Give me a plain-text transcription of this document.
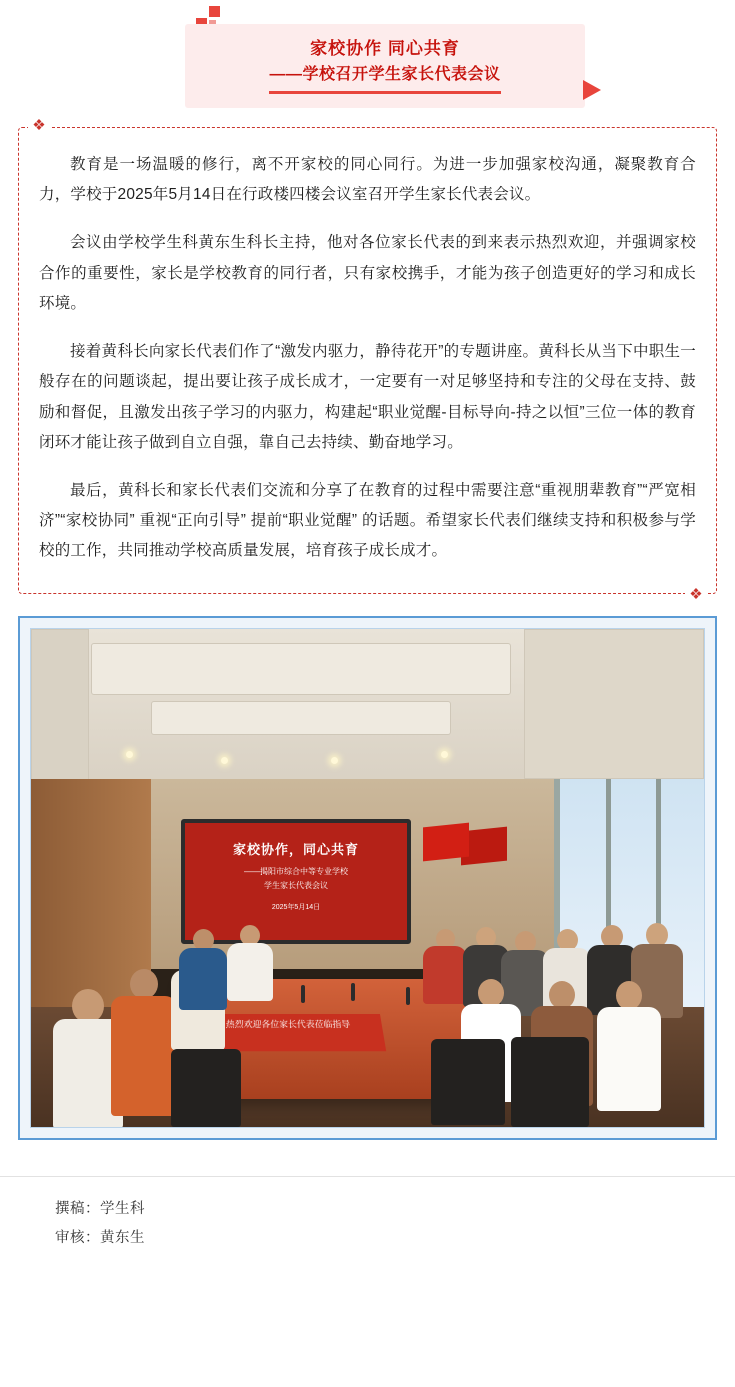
家校协作 同心共育
——学校召开学生家长代表会议
❖
❖

教育是一场温暖的修行，离不开家校的同心同行。为进一步加强家校沟通，凝聚教育合力，学校于2025年5月14日在行政楼四楼会议室召开学生家长代表会议。

会议由学校学生科黄东生科长主持，他对各位家长代表的到来表示热烈欢迎，并强调家校合作的重要性，家长是学校教育的同行者，只有家校携手，才能为孩子创造更好的学习和成长环境。

接着黄科长向家长代表们作了“激发内驱力，静待花开”的专题讲座。黄科长从当下中职生一般存在的问题谈起，提出要让孩子成长成才，一定要有一对足够坚持和专注的父母在支持、鼓励和督促，且激发出孩子学习的内驱力，构建起“职业觉醒-目标导向-持之以恒”三位一体的教育闭环才能让孩子做到自立自强，靠自己去持续、勤奋地学习。

最后，黄科长和家长代表们交流和分享了在教育的过程中需要注意“重视朋辈教育”“严宽相济”“家校协同” 重视“正向引导” 提前“职业觉醒” 的话题。希望家长代表们继续支持和积极参与学校的工作，共同推动学校高质量发展，培育孩子成长成才。

家校协作，同心共育
——揭阳市综合中等专业学校
学生家长代表会议
2025年5月14日
热烈欢迎各位家长代表莅临指导
撰稿：学生科
审核：黄东生
